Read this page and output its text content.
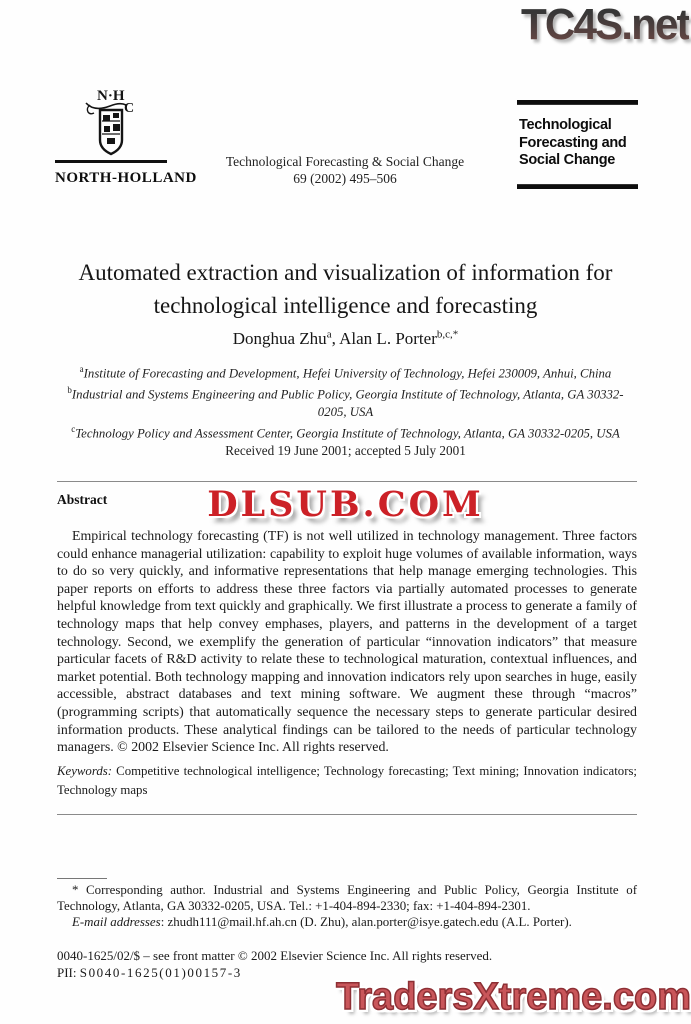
TC4S.net
N·H
C
NORTH-HOLLAND
Technological Forecasting & Social Change
69 (2002) 495–506
Technological
Forecasting and
Social Change
Automated extraction and visualization of information for
technological intelligence and forecasting
Donghua Zhu$^a$, Alan L. Porter$^{b,c,*}$
$^a$Institute of Forecasting and Development, Hefei University of Technology, Hefei 230009, Anhui, China
$^b$Industrial and Systems Engineering and Public Policy, Georgia Institute of Technology, Atlanta, GA 30332-0205, USA
$^c$Technology Policy and Assessment Center, Georgia Institute of Technology, Atlanta, GA 30332-0205, USA
Received 19 June 2001; accepted 5 July 2001
Abstract	DLSUB.COM
Empirical technology forecasting (TF) is not well utilized in technology management. Three factors could enhance managerial utilization: capability to exploit huge volumes of available information, ways to do so very quickly, and informative representations that help manage emerging technologies. This paper reports on efforts to address these three factors via partially automated processes to generate helpful knowledge from text quickly and graphically. We first illustrate a process to generate a family of technology maps that help convey emphases, players, and patterns in the development of a target technology. Second, we exemplify the generation of particular “innovation indicators” that measure particular facets of R&D activity to relate these to technological maturation, contextual influences, and market potential. Both technology mapping and innovation indicators rely upon searches in huge, easily accessible, abstract databases and text mining software. We augment these through “macros” (programming scripts) that automatically sequence the necessary steps to generate particular desired information products. These analytical findings can be tailored to the needs of particular technology managers. © 2002 Elsevier Science Inc. All rights reserved.
Keywords: Competitive technological intelligence; Technology forecasting; Text mining; Innovation indicators; Technology maps

* Corresponding author. Industrial and Systems Engineering and Public Policy, Georgia Institute of Technology, Atlanta, GA 30332-0205, USA. Tel.: +1-404-894-2330; fax: +1-404-894-2301.

E-mail addresses: zhudh111@mail.hf.ah.cn (D. Zhu), alan.porter@isye.gatech.edu (A.L. Porter).

0040-1625/02/$ – see front matter © 2002 Elsevier Science Inc. All rights reserved.
PII: S0040-1625(01)00157-3
TradersXtreme.com
